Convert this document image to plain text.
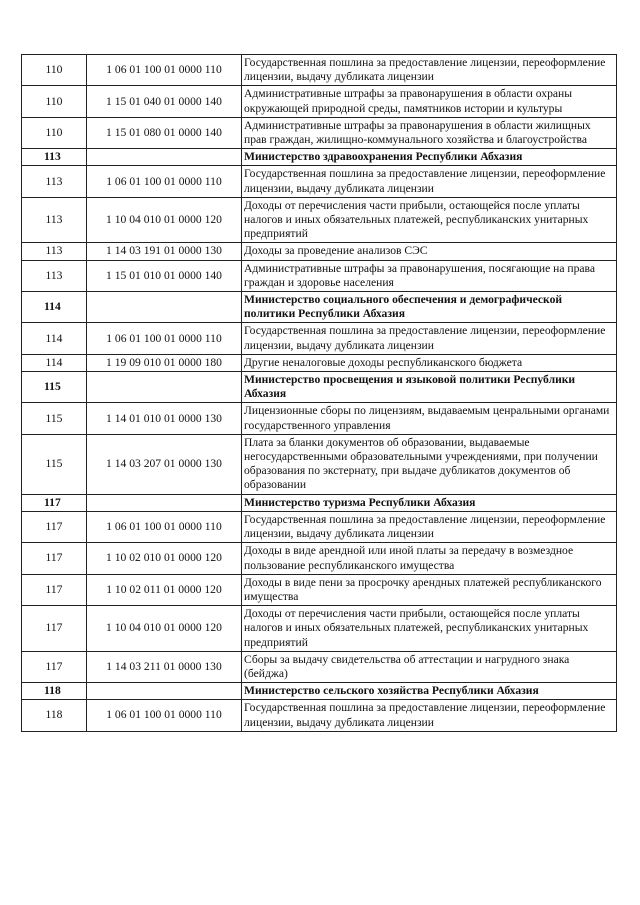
110	1 06 01 100 01 0000 110	Государственная пошлина за предоставление лицензии, переоформление лицензии, выдачу дубликата лицензии
110	1 15 01 040 01 0000 140	Административные штрафы за правонарушения в области охраны окружающей природной среды, памятников истории и культуры
110	1 15 01 080 01 0000 140	Административные штрафы за правонарушения в области жилищных прав граждан, жилищно-коммунального хозяйства и благоустройства
113		Министерство здравоохранения Республики Абхазия
113	1 06 01 100 01 0000 110	Государственная пошлина за предоставление лицензии, переоформление лицензии, выдачу дубликата лицензии
113	1 10 04 010 01 0000 120	Доходы от перечисления части прибыли, остающейся после уплаты налогов и иных обязательных платежей, республиканских унитарных предприятий
113	1 14 03 191 01 0000 130	Доходы за проведение анализов СЭС
113	1 15 01 010 01 0000 140	Административные штрафы за правонарушения, посягающие на права граждан и здоровье населения
114		Министерство социального обеспечения и демографической политики Республики Абхазия
114	1 06 01 100 01 0000 110	Государственная пошлина за предоставление лицензии, переоформление лицензии, выдачу дубликата лицензии
114	1 19 09 010 01 0000 180	Другие неналоговые доходы республиканского бюджета
115		Министерство просвещения и языковой политики Республики Абхазия
115	1 14 01 010 01 0000 130	Лицензионные сборы по лицензиям, выдаваемым ценральными органами государственного управления
115	1 14 03 207 01 0000 130	Плата за бланки документов об образовании, выдаваемые негосударственными образовательными учреждениями, при получении образования по экстернату, при выдаче дубликатов документов об образовании
117		Министерство туризма Республики Абхазия
117	1 06 01 100 01 0000 110	Государственная пошлина за предоставление лицензии, переоформление лицензии, выдачу дубликата лицензии
117	1 10 02 010 01 0000 120	Доходы в виде арендной или иной платы за передачу в возмездное пользование республиканского имущества
117	1 10 02 011 01 0000 120	Доходы в виде пени за просрочку арендных платежей республиканского имущества
117	1 10 04 010 01 0000 120	Доходы от перечисления части прибыли, остающейся после уплаты налогов и иных обязательных платежей, республиканских унитарных предприятий
117	1 14 03 211 01 0000 130	Сборы за выдачу свидетельства об аттестации и нагрудного знака (бейджа)
118		Министерство сельского хозяйства Республики Абхазия
118	1 06 01 100 01 0000 110	Государственная пошлина за предоставление лицензии, переоформление лицензии, выдачу дубликата лицензии
